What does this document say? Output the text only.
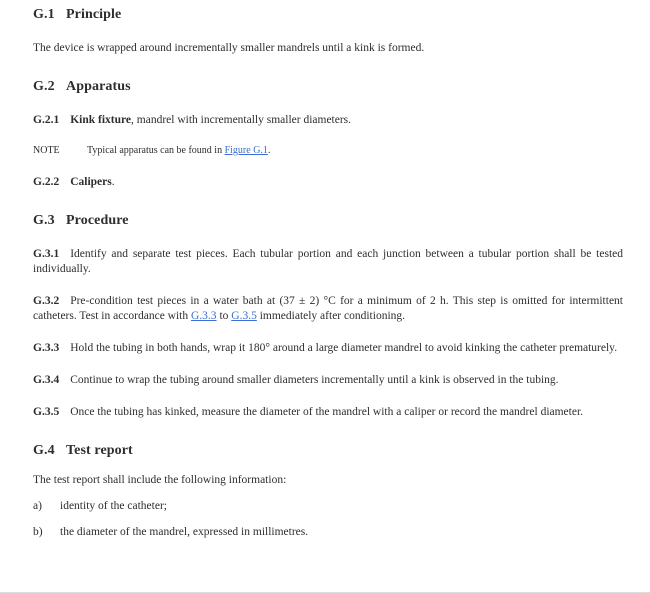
G.1 Principle

The device is wrapped around incrementally smaller mandrels until a kink is formed.

G.2 Apparatus

G.2.1 Kink fixture, mandrel with incrementally smaller diameters.

NOTE	Typical apparatus can be found in Figure G.1.

G.2.2 Calipers.

G.3 Procedure

G.3.1 Identify and separate test pieces. Each tubular portion and each junction between a tubular portion shall be tested individually.

G.3.2 Pre-condition test pieces in a water bath at (37 ± 2) °C for a minimum of 2 h. This step is omitted for intermittent catheters. Test in accordance with G.3.3 to G.3.5 immediately after conditioning.

G.3.3 Hold the tubing in both hands, wrap it 180° around a large diameter mandrel to avoid kinking the catheter prematurely.

G.3.4 Continue to wrap the tubing around smaller diameters incrementally until a kink is observed in the tubing.

G.3.5 Once the tubing has kinked, measure the diameter of the mandrel with a caliper or record the mandrel diameter.

G.4 Test report

The test report shall include the following information:

a)	identity of the catheter;
b)	the diameter of the mandrel, expressed in millimetres.
